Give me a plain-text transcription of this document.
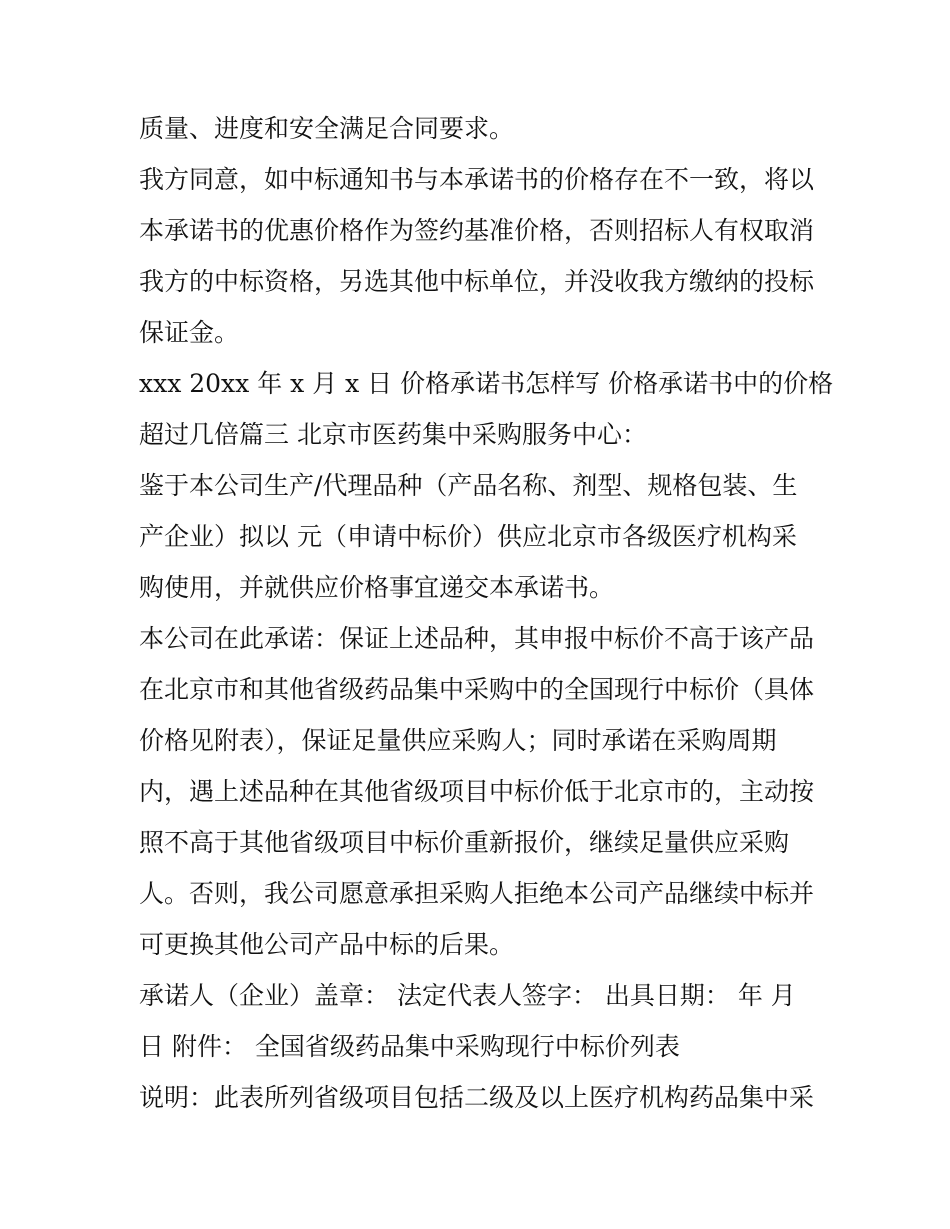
质量、进度和安全满足合同要求。
我方同意，如中标通知书与本承诺书的价格存在不一致，将以
本承诺书的优惠价格作为签约基准价格，否则招标人有权取消
我方的中标资格，另选其他中标单位，并没收我方缴纳的投标
保证金。
xxx 20xx 年 x 月 x 日 价格承诺书怎样写 价格承诺书中的价格
超过几倍篇三 北京市医药集中采购服务中心：
鉴于本公司生产/代理品种（产品名称、剂型、规格包装、生
产企业）拟以 元（申请中标价）供应北京市各级医疗机构采
购使用，并就供应价格事宜递交本承诺书。
本公司在此承诺：保证上述品种，其申报中标价不高于该产品
在北京市和其他省级药品集中采购中的全国现行中标价（具体
价格见附表），保证足量供应采购人；同时承诺在采购周期
内，遇上述品种在其他省级项目中标价低于北京市的，主动按
照不高于其他省级项目中标价重新报价，继续足量供应采购
人。否则，我公司愿意承担采购人拒绝本公司产品继续中标并
可更换其他公司产品中标的后果。
承诺人（企业）盖章： 法定代表人签字： 出具日期： 年 月
日 附件： 全国省级药品集中采购现行中标价列表
说明：此表所列省级项目包括二级及以上医疗机构药品集中采
